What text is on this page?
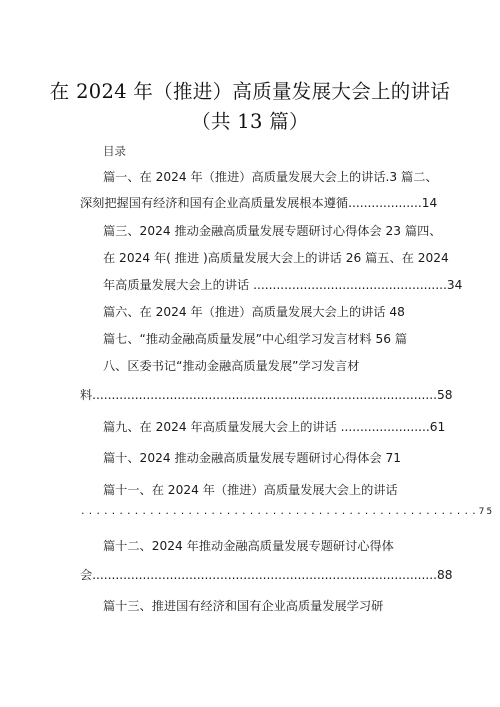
在 2024 年（推进）高质量发展大会上的讲话
（共 13 篇）
目录
篇一、在 2024 年（推进）高质量发展大会上的讲话.3 篇二、
深刻把握国有经济和国有企业高质量发展根本遵循...................14
篇三、2024 推动金融高质量发展专题研讨心得体会 23 篇四、
在 2024 年( 推进 )高质量发展大会上的讲话 26 篇五、在 2024
年高质量发展大会上的讲话 ..................................................34
篇六、在 2024 年（推进）高质量发展大会上的讲话 48
篇七、“推动金融高质量发展”中心组学习发言材料 56 篇
八、区委书记“推动金融高质量发展”学习发言材
料.........................................................................................58
篇九、在 2024 年高质量发展大会上的讲话 .......................61
篇十、2024 推动金融高质量发展专题研讨心得体会 71
篇十一、在 2024 年（推进）高质量发展大会上的讲话
....................................................75
篇十二、2024 年推动金融高质量发展专题研讨心得体
会.........................................................................................88
篇十三、推进国有经济和国有企业高质量发展学习研
